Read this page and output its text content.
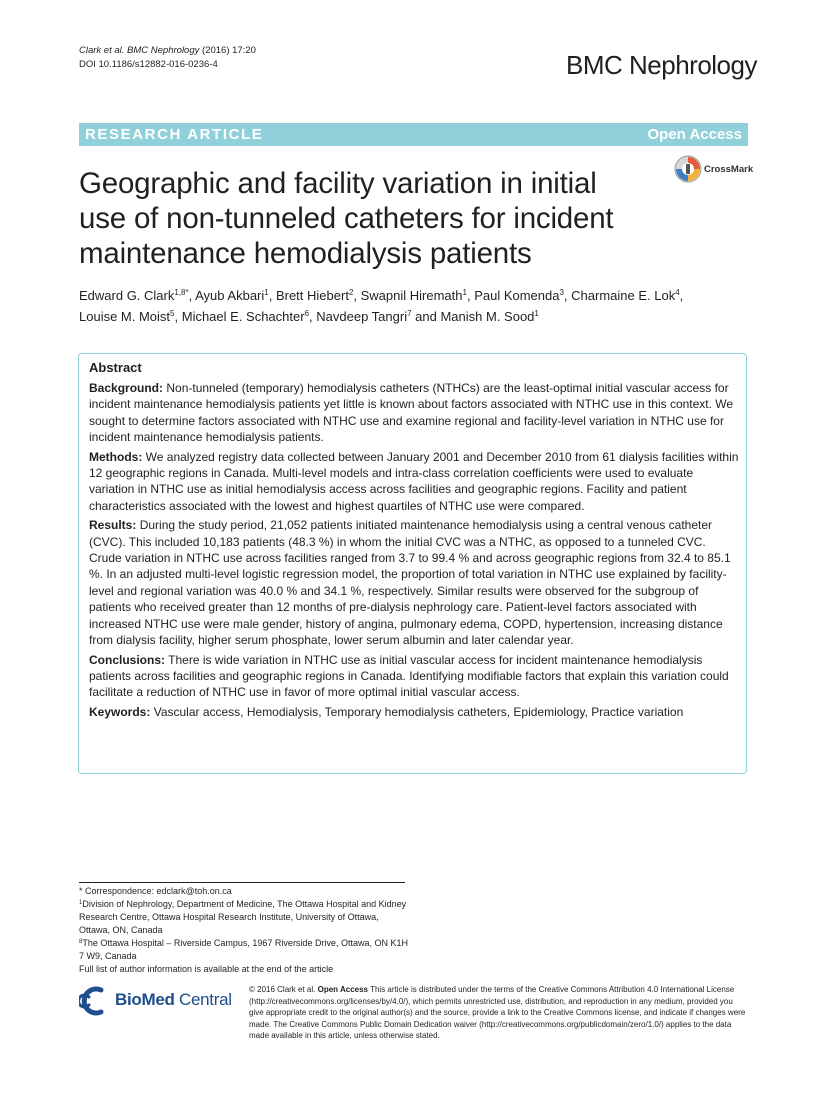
Clark et al. BMC Nephrology (2016) 17:20
DOI 10.1186/s12882-016-0236-4	BMC Nephrology
RESEARCH ARTICLE	Open Access
Geographic and facility variation in initial
use of non-tunneled catheters for incident
maintenance hemodialysis patients
CrossMark
Edward G. Clark$^{1,8*}$, Ayub Akbari$^1$, Brett Hiebert$^2$, Swapnil Hiremath$^1$, Paul Komenda$^3$, Charmaine E. Lok$^4$,
Louise M. Moist$^5$, Michael E. Schachter$^6$, Navdeep Tangri$^7$ and Manish M. Sood$^1$
Abstract

Background: Non-tunneled (temporary) hemodialysis catheters (NTHCs) are the least-optimal initial vascular access for incident maintenance hemodialysis patients yet little is known about factors associated with NTHC use in this context. We sought to determine factors associated with NTHC use and examine regional and facility-level variation in NTHC use for incident maintenance hemodialysis patients.

Methods: We analyzed registry data collected between January 2001 and December 2010 from 61 dialysis facilities within 12 geographic regions in Canada. Multi-level models and intra-class correlation coefficients were used to evaluate variation in NTHC use as initial hemodialysis access across facilities and geographic regions. Facility and patient characteristics associated with the lowest and highest quartiles of NTHC use were compared.

Results: During the study period, 21,052 patients initiated maintenance hemodialysis using a central venous catheter (CVC). This included 10,183 patients (48.3 %) in whom the initial CVC was a NTHC, as opposed to a tunneled CVC. Crude variation in NTHC use across facilities ranged from 3.7 to 99.4 % and across geographic regions from 32.4 to 85.1 %. In an adjusted multi-level logistic regression model, the proportion of total variation in NTHC use explained by facility-level and regional variation was 40.0 % and 34.1 %, respectively. Similar results were observed for the subgroup of patients who received greater than 12 months of pre-dialysis nephrology care. Patient-level factors associated with increased NTHC use were male gender, history of angina, pulmonary edema, COPD, hypertension, increasing distance from dialysis facility, higher serum phosphate, lower serum albumin and later calendar year.

Conclusions: There is wide variation in NTHC use as initial vascular access for incident maintenance hemodialysis patients across facilities and geographic regions in Canada. Identifying modifiable factors that explain this variation could facilitate a reduction of NTHC use in favor of more optimal initial vascular access.

Keywords: Vascular access, Hemodialysis, Temporary hemodialysis catheters, Epidemiology, Practice variation

* Correspondence: edclark@toh.on.ca

$^1$Division of Nephrology, Department of Medicine, The Ottawa Hospital and Kidney Research Centre, Ottawa Hospital Research Institute, University of Ottawa, Ottawa, ON, Canada

$^8$The Ottawa Hospital – Riverside Campus, 1967 Riverside Drive, Ottawa, ON K1H 7 W9, Canada

Full list of author information is available at the end of the article

BioMed Central
© 2016 Clark et al. Open Access This article is distributed under the terms of the Creative Commons Attribution 4.0 International License (http://creativecommons.org/licenses/by/4.0/), which permits unrestricted use, distribution, and reproduction in any medium, provided you give appropriate credit to the original author(s) and the source, provide a link to the Creative Commons license, and indicate if changes were made. The Creative Commons Public Domain Dedication waiver (http://creativecommons.org/publicdomain/zero/1.0/) applies to the data made available in this article, unless otherwise stated.
